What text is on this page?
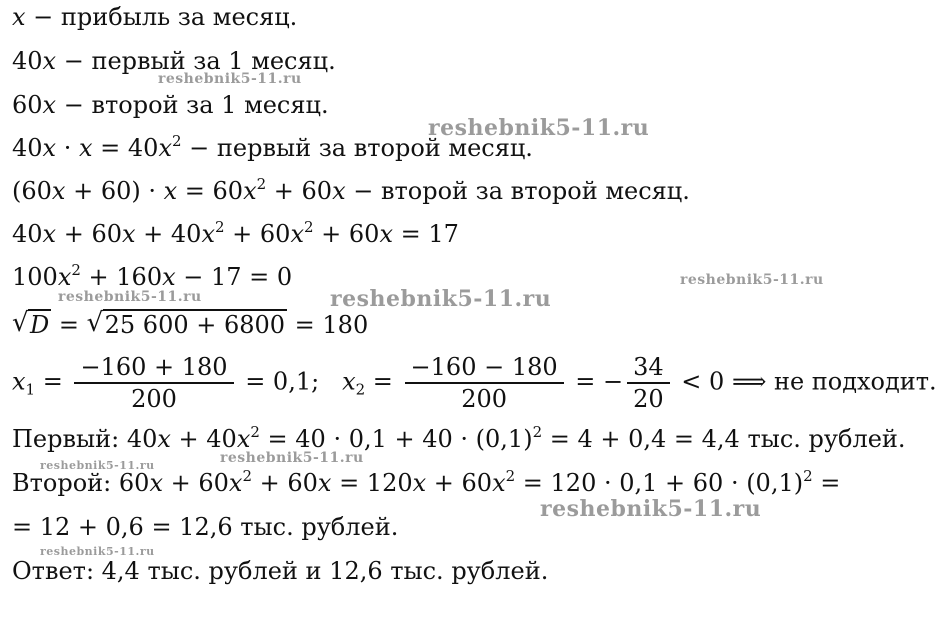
x − прибыль за месяц.
40x − первый за 1 месяц.
60x − второй за 1 месяц.
$40x \cdot x = 40x^2$ − первый за второй месяц.
$(60x + 60) \cdot x = 60x^2 + 60x$ − второй за второй месяц.
$40x + 60x + 40x^2 + 60x^2 + 60x = 17$
$100x^2 + 160x - 17 = 0$
√ D = √ 25 600 + 6800 = 180
$x_1 = \frac{-160 + 180}{200} = 0,1$; $x_2 = \frac{-160 - 180}{200}$ = − $\frac{34}{20} < 0$ ⟹ не подходит.
Первый: $40x + 40x^2 = 40 \cdot 0,1 + 40 \cdot (0,1)^2 = 4 + 0,4 = 4,4$ тыс. рублей.
Второй: $60x + 60x^2 + 60x = 120x + 60x^2 = 120 \cdot 0,1 + 60 \cdot (0,1)^2$ =
= 12 + 0,6 = 12,6 тыс. рублей.
Ответ: 4,4 тыс. рублей и 12,6 тыс. рублей.
reshebnik5-11.ru
reshebnik5-11.ru
reshebnik5-11.ru
reshebnik5-11.ru	reshebnik5-11.ru
reshebnik5-11.ru	reshebnik5-11.ru
reshebnik5-11.ru
reshebnik5-11.ru
